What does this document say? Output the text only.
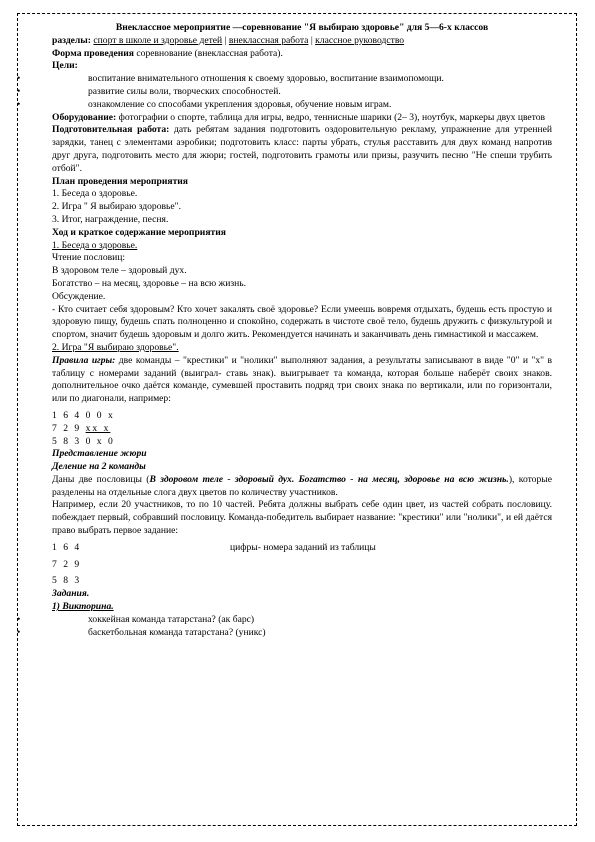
Внеклассное мероприятие —соревнование "Я выбираю здоровье" для 5—6-х классов

разделы: спорт в школе и здоровье детей | внеклассная работа | классное руководство

Форма проведения соревнование (внеклассная работа).

Цели:

•	воспитание внимательного отношения к своему здоровью, воспитание взаимопомощи.
•	развитие силы воли, творческих способностей.
•	ознакомление со способами укрепления здоровья, обучение новым играм.

Оборудование: фотографии о спорте, таблица для игры, ведро, теннисные шарики (2– 3), ноутбук, маркеры двух цветов

Подготовительная работа: дать ребятам задания подготовить оздоровительную рекламу, упражнение для утренней зарядки, танец с элементами аэробики; подготовить класс: парты убрать, стулья расставить для двух команд напротив друг друга, подготовить место для жюри; гостей, подготовить грамоты или призы, разучить песню "Не спеши трубить отбой".

План проведения мероприятия

1. Беседа о здоровье.

2. Игра " Я выбираю здоровье".

3. Итог, награждение, песня.

Ход и краткое содержание мероприятия

1. Беседа о здоровье.

Чтение пословиц:

В здоровом теле – здоровый дух.

Богатство – на месяц, здоровье – на всю жизнь.

Обсуждение.

- Кто считает себя здоровым? Кто хочет закалять своё здоровье? Если умеешь вовремя отдыхать, будешь есть простую и здоровую пищу, будешь спать полноценно и спокойно, содержать в чистоте своё тело, будешь дружить с физкультурой и спортом, значит будешь здоровым и долго жить. Рекомендуется начинать и заканчивать день гимнастикой и массажем.

2. Игра "Я выбираю здоровье".

Правила игры: две команды – "крестики" и "нолики" выполняют задания, а результаты записывают в виде "0" и "х" в таблицу с номерами заданий (выиграл- ставь знак). выигрывает та команда, которая больше наберёт своих знаков. дополнительное очко даётся команде, сумевшей проставить подряд три своих знака по вертикали, или по горизонтали, или по диагонали, например:

1 6 4 0 0 х

7 2 9 хх х

5 8 3 0 х 0

Представление жюри

Деление на 2 команды

Даны две пословицы (В здоровом теле - здоровый дух. Богатство - на месяц, здоровье на всю жизнь.), которые разделены на отдельные слога двух цветов по количеству участников.

Например, если 20 участников, то по 10 частей. Ребята должны выбрать себе один цвет, из частей собрать пословицу. побеждает первый, собравший пословицу. Команда-победитель выбирает название: "крестики" или "нолики", и ей даётся право выбрать первое задание:

1 6 4	цифры- номера заданий из таблицы

7 2 9

5 8 3

Задания.

1) Викторина.

•	хоккейная команда татарстана? (ак барс)
•	баскетбольная команда татарстана? (уникс)
